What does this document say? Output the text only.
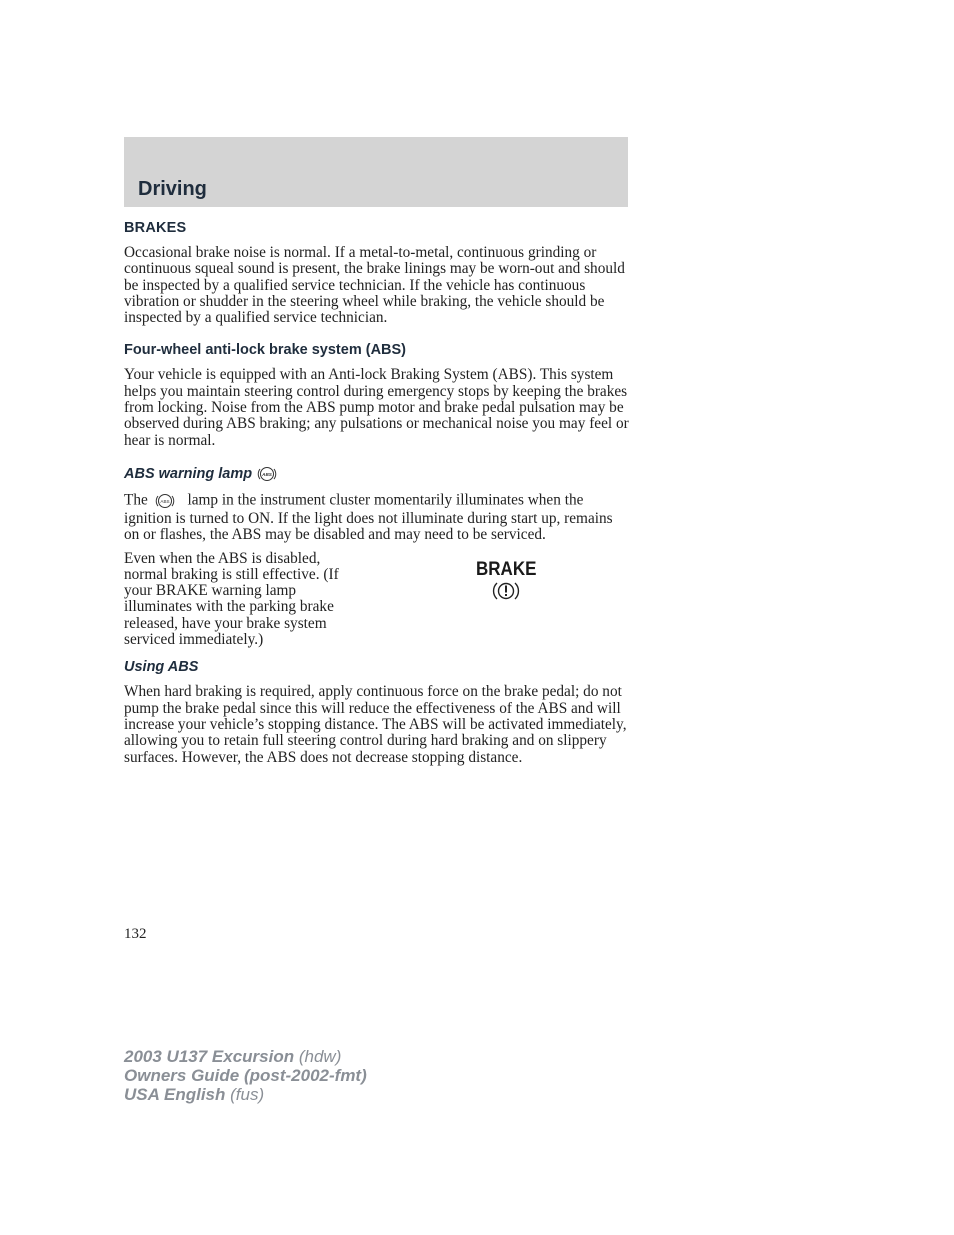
Driving
BRAKES

Occasional brake noise is normal. If a metal-to-metal, continuous grinding or continuous squeal sound is present, the brake linings may be worn-out and should be inspected by a qualified service technician. If the vehicle has continuous vibration or shudder in the steering wheel while braking, the vehicle should be inspected by a qualified service technician.

Four-wheel anti-lock brake system (ABS)

Your vehicle is equipped with an Anti-lock Braking System (ABS). This system helps you maintain steering control during emergency stops by keeping the brakes from locking. Noise from the ABS pump motor and brake pedal pulsation may be observed during ABS braking; any pulsations or mechanical noise you may feel or hear is normal.

ABS warning lamp ABS

The	ABS lamp in the instrument cluster momentarily illuminates when the ignition is turned to ON. If the light does not illuminate during start up, remains on or flashes, the ABS may be disabled and may need to be serviced.

Even when the ABS is disabled, normal braking is still effective. (If your BRAKE warning lamp illuminates with the parking brake released, have your brake system serviced immediately.)

BRAKE
Using ABS

When hard braking is required, apply continuous force on the brake pedal; do not pump the brake pedal since this will reduce the effectiveness of the ABS and will increase your vehicle’s stopping distance. The ABS will be activated immediately, allowing you to retain full steering control during hard braking and on slippery surfaces. However, the ABS does not decrease stopping distance.

132
2003 U137 Excursion (hdw)
Owners Guide (post-2002-fmt)
USA English (fus)
